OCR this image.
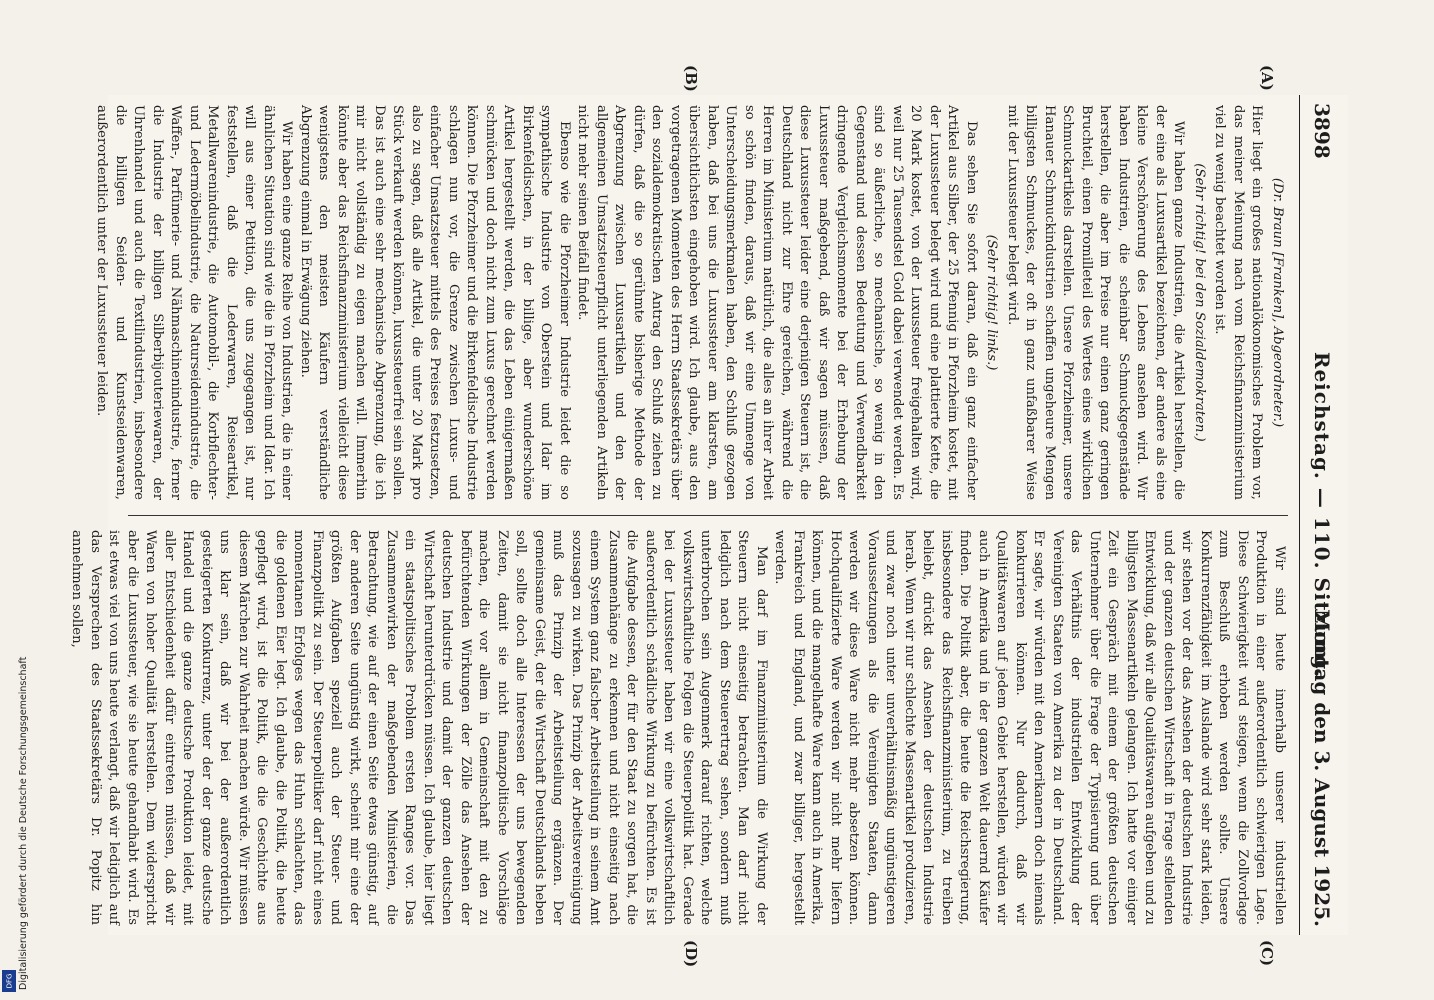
3898
Reichstag. — 110. Sitzung.
Montag den 3. August 1925.
(A)
(B)
(C)
(D)

(Dr. Braun [Franken], Abgeordneter.)

Hier liegt ein großes nationalökonomisches Problem vor, das meiner Meinung nach vom Reichsfinanzministerium viel zu wenig beachtet worden ist.

(Sehr richtig! bei den Sozialdemokraten.)

Wir haben ganze Industrien, die Artikel herstellen, die der eine als Luxusartikel bezeichnen, der andere als eine kleine Verschönerung des Lebens ansehen wird. Wir haben Industrien, die scheinbar Schmuckgegenstände herstellen, die aber im Preise nur einen ganz geringen Bruchteil, einen Promilleteil des Wertes eines wirklichen Schmuckartikels darstellen. Unsere Pforzheimer, unsere Hanauer Schmuckindustrien schaffen ungeheure Mengen billigsten Schmuckes, der oft in ganz unfaßbarer Weise mit der Luxussteuer belegt wird.

(Sehr richtig! links.)

Das sehen Sie sofort daran, daß ein ganz einfacher Artikel aus Silber, der 25 Pfennig in Pforzheim kostet, mit der Luxussteuer belegt wird und eine plattierte Kette, die 20 Mark kostet, von der Luxussteuer freigehalten wird, weil nur 25 Tausendstel Gold dabei verwendet werden. Es sind so äußerliche, so mechanische, so wenig in den Gegenstand und dessen Bedeutung und Verwendbarkeit dringende Vergleichsmomente bei der Erhebung der Luxussteuer maßgebend, daß wir sagen müssen, daß diese Luxussteuer leider eine derjenigen Steuern ist, die Deutschland nicht zur Ehre gereichen, während die Herren im Ministerium natürlich, die alles an ihrer Arbeit so schön finden, daraus, daß wir eine Unmenge von Unterscheidungsmerkmalen haben, den Schluß gezogen haben, daß bei uns die Luxussteuer am klarsten, am übersichtlichsten eingehoben wird. Ich glaube, aus den vorgetragenen Momenten des Herrn Staatssekretärs über den sozialdemokratischen Antrag den Schluß ziehen zu dürfen, daß die so gerühmte bisherige Methode der Abgrenzung zwischen Luxusartikeln und den der allgemeinen Umsatzsteuerpflicht unterliegenden Artikeln nicht mehr seinen Beifall findet.

Ebenso wie die Pforzheimer Industrie leidet die so sympathische Industrie von Oberstein und Idar im Birkenfeldischen, in der billige, aber wunderschöne Artikel hergestellt werden, die das Leben einigermaßen schmücken und doch nicht zum Luxus gerechnet werden können. Die Pforzheimer und die Birkenfeldische Industrie schlagen nun vor, die Grenze zwischen Luxus- und einfacher Umsatzsteuer mittels des Preises festzusetzen, also zu sagen, daß alle Artikel, die unter 20 Mark pro Stück verkauft werden können, luxussteuerfrei sein sollen. Das ist auch eine sehr mechanische Abgrenzung, die ich mir nicht vollständig zu eigen machen will. Immerhin könnte aber das Reichsfinanzministerium vielleicht diese wenigstens den meisten Käufern verständliche Abgrenzung einmal in Erwägung ziehen.

Wir haben eine ganze Reihe von Industrien, die in einer ähnlichen Situation sind wie die in Pforzheim und Idar. Ich will aus einer Petition, die uns zugegangen ist, nur feststellen, daß die Lederwaren, Reiseartikel, Metallwarenindustrie, die Automobil-, die Korbflechter- und Ledermöbelindustrie, die Naturseidenindustrie, die Waffen-, Parfümerie- und Nähmaschinenindustrie, ferner die Industrie der billigen Silberbijouteriewaren, der Uhrenhandel und auch die Textilindustrien, insbesondere die billigen Seiden- und Kunstseidenwaren, außerordentlich unter der Luxussteuer leiden.

Wir sind heute innerhalb unserer industriellen Produktion in einer außerordentlich schwierigen Lage. Diese Schwierigkeit wird steigen, wenn die Zollvorlage zum Beschluß erhoben werden sollte. Unsere Konkurrenzfähigkeit im Auslande wird sehr stark leiden, wir stehen vor der das Ansehen der deutschen Industrie und der ganzen deutschen Wirtschaft in Frage stellenden Entwicklung, daß wir alle Qualitätswaren aufgeben und zu billigsten Massenartikeln gelangen. Ich hatte vor einiger Zeit ein Gespräch mit einem der größten deutschen Unternehmer über die Frage der Typisierung und über das Verhältnis der industriellen Entwicklung der Vereinigten Staaten von Amerika zu der in Deutschland. Er sagte, wir würden mit den Amerikanern doch niemals konkurrieren können. Nur dadurch, daß wir Qualitätswaren auf jedem Gebiet herstellen, würden wir auch in Amerika und in der ganzen Welt dauernd Käufer finden. Die Politik aber, die heute die Reichsregierung, insbesondere das Reichsfinanzministerium, zu treiben beliebt, drückt das Ansehen der deutschen Industrie herab. Wenn wir nur schlechte Massenartikel produzieren, und zwar noch unter unverhältnismäßig ungünstigeren Voraussetzungen als die Vereinigten Staaten, dann werden wir diese Ware nicht mehr absetzen können. Hochqualifizierte Ware werden wir nicht mehr liefern können, und die mangelhafte Ware kann auch in Amerika, Frankreich und England, und zwar billiger, hergestellt werden.

Man darf im Finanzministerium die Wirkung der Steuern nicht einseitig betrachten. Man darf nicht lediglich nach dem Steuerertrag sehen, sondern muß unterbrochen sein Augenmerk darauf richten, welche volkswirtschaftliche Folgen die Steuerpolitik hat. Gerade bei der Luxussteuer haben wir eine volkswirtschaftlich außerordentlich schädliche Wirkung zu befürchten. Es ist die Aufgabe dessen, der für den Staat zu sorgen hat, die Zusammenhänge zu erkennen und nicht einseitig nach einem System ganz falscher Arbeitsteilung in seinem Amt sozusagen zu wirken. Das Prinzip der Arbeitsvereinigung muß das Prinzip der Arbeitsteilung ergänzen. Der gemeinsame Geist, der die Wirtschaft Deutschlands heben soll, sollte doch alle Interessen der uns bewegenden Zeiten, damit sie nicht finanzpolitische Vorschläge machen, die vor allem in Gemeinschaft mit den zu befürchtenden Wirkungen der Zölle das Ansehen der deutschen Industrie und damit der ganzen deutschen Wirtschaft herunterdrücken müssen. Ich glaube, hier liegt ein staatspolitisches Problem ersten Ranges vor. Das Zusammenwirken der maßgebenden Ministerien, die Betrachtung, wie auf der einen Seite etwas günstig, auf der anderen Seite ungünstig wirkt, scheint mir eine der größten Aufgaben speziell auch der Steuer- und Finanzpolitik zu sein. Der Steuerpolitiker darf nicht eines momentanen Erfolges wegen das Huhn schlachten, das die goldenen Eier legt. Ich glaube, die Politik, die heute gepflegt wird, ist die Politik, die die Geschichte aus diesem Märchen zur Wahrheit machen würde. Wir müssen uns klar sein, daß wir bei der außerordentlich gesteigerten Konkurrenz, unter der der ganze deutsche Handel und die ganze deutsche Produktion leidet, mit aller Entschiedenheit dafür eintreten müssen, daß wir Waren von hoher Qualität herstellen. Dem widerspricht aber die Luxussteuer, wie sie heute gehandhabt wird. Es ist etwas viel von uns heute verlangt, daß wir lediglich auf das Versprechen des Staatssekretärs Dr. Popitz hin annehmen sollen,

Digitalisierung gefördert durch die Deutsche Forschungsgemeinschaft
DFG
